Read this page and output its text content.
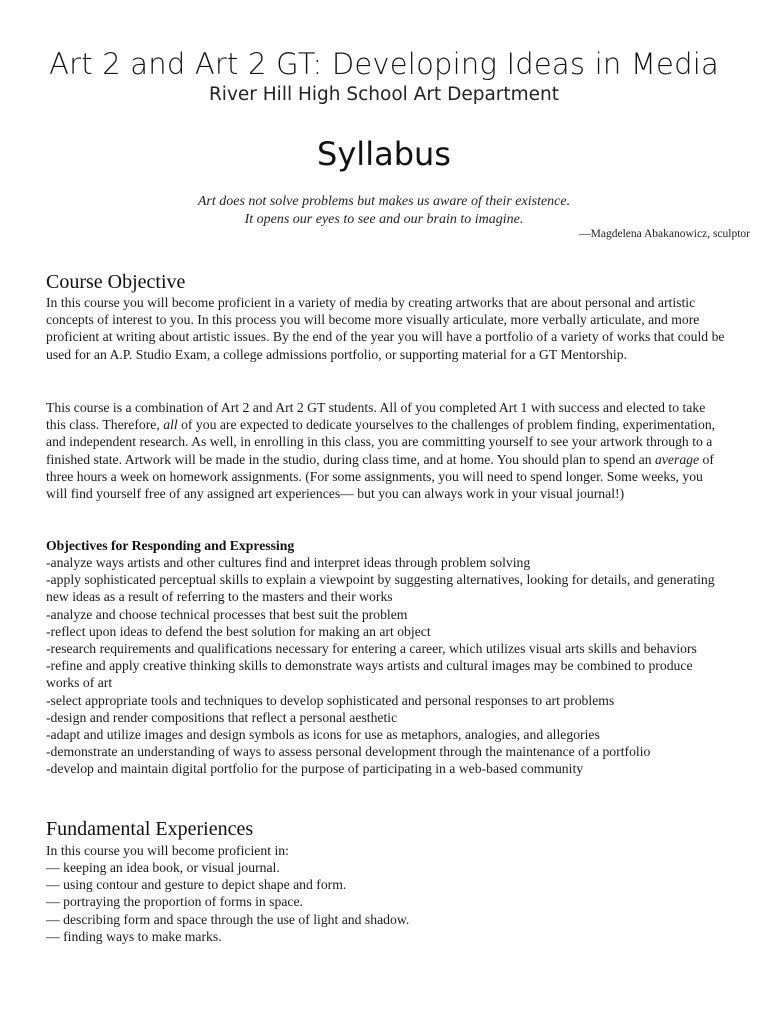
Art 2 and Art 2 GT: Developing Ideas in Media
River Hill High School Art Department
Syllabus
Art does not solve problems but makes us aware of their existence.
It opens our eyes to see and our brain to imagine.
—Magdelena Abakanowicz, sculptor
Course Objective

In this course you will become proficient in a variety of media by creating artworks that are about personal and artistic concepts of interest to you. In this process you will become more visually articulate, more verbally articulate, and more proficient at writing about artistic issues. By the end of the year you will have a portfolio of a variety of works that could be used for an A.P. Studio Exam, a college admissions portfolio, or supporting material for a GT Mentorship.

This course is a combination of Art 2 and Art 2 GT students. All of you completed Art 1 with success and elected to take this class. Therefore, all of you are expected to dedicate yourselves to the challenges of problem finding, experimentation, and independent research. As well, in enrolling in this class, you are committing yourself to see your artwork through to a finished state. Artwork will be made in the studio, during class time, and at home. You should plan to spend an average of three hours a week on homework assignments. (For some assignments, you will need to spend longer. Some weeks, you will find yourself free of any assigned art experiences— but you can always work in your visual journal!)

Objectives for Responding and Expressing
-analyze ways artists and other cultures find and interpret ideas through problem solving
-apply sophisticated perceptual skills to explain a viewpoint by suggesting alternatives, looking for details, and generating new ideas as a result of referring to the masters and their works
-analyze and choose technical processes that best suit the problem
-reflect upon ideas to defend the best solution for making an art object
-research requirements and qualifications necessary for entering a career, which utilizes visual arts skills and behaviors
-refine and apply creative thinking skills to demonstrate ways artists and cultural images may be combined to produce works of art
-select appropriate tools and techniques to develop sophisticated and personal responses to art problems
-design and render compositions that reflect a personal aesthetic
-adapt and utilize images and design symbols as icons for use as metaphors, analogies, and allegories
-demonstrate an understanding of ways to assess personal development through the maintenance of a portfolio
-develop and maintain digital portfolio for the purpose of participating in a web-based community
Fundamental Experiences
In this course you will become proficient in:
— keeping an idea book, or visual journal.
— using contour and gesture to depict shape and form.
— portraying the proportion of forms in space.
— describing form and space through the use of light and shadow.
— finding ways to make marks.
